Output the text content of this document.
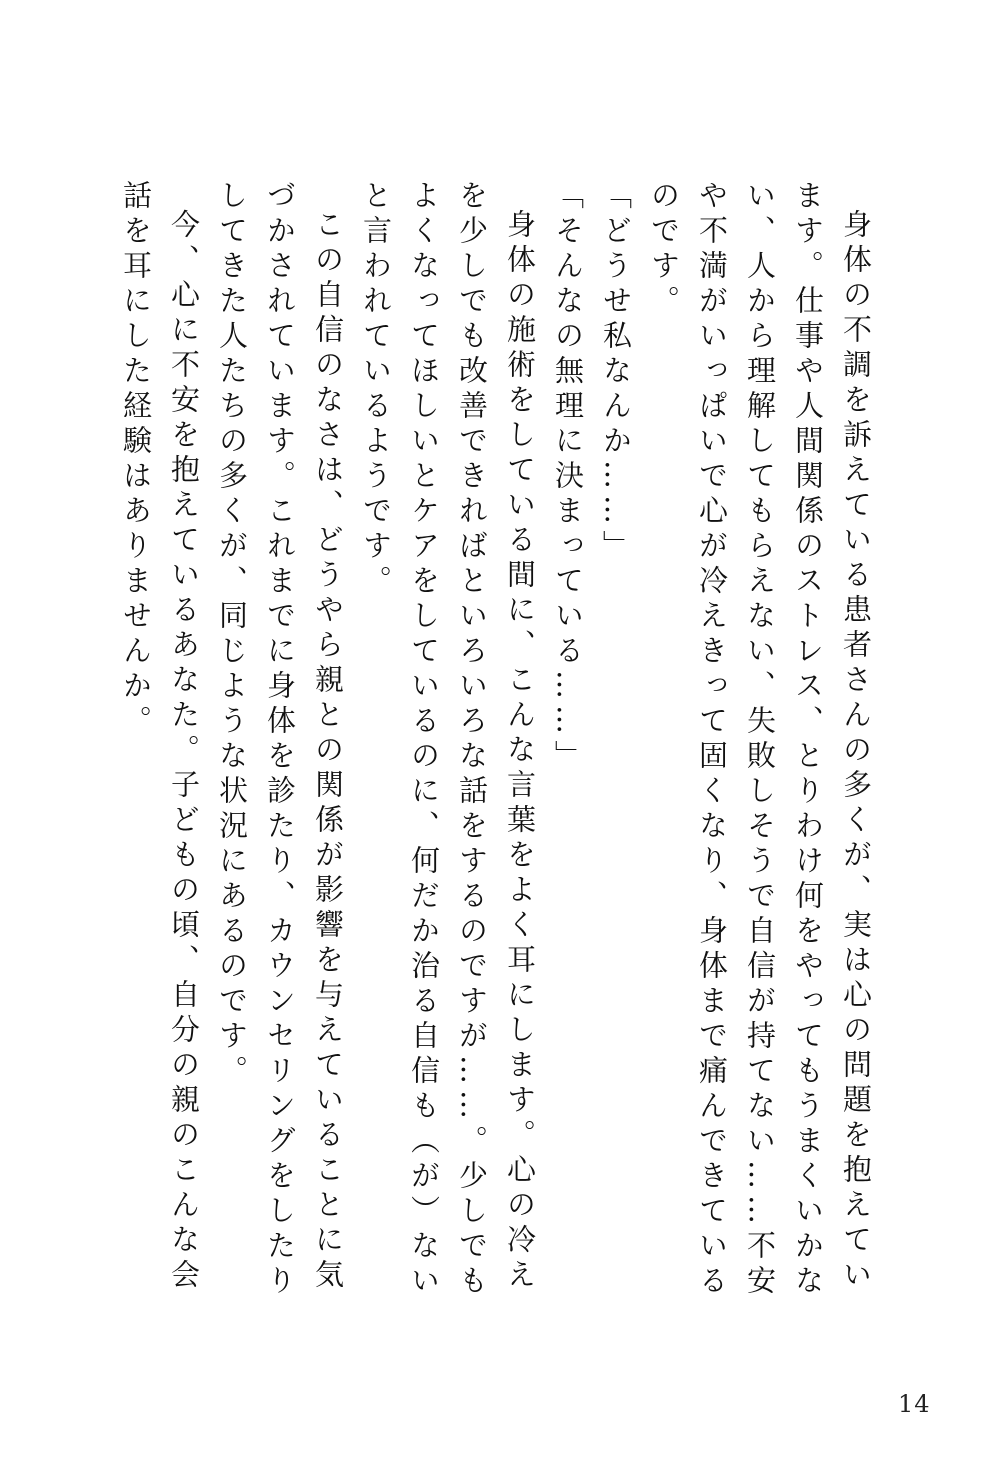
身体の不調を訴えている患者さんの多くが、実は心の問題を抱えています。仕事や人間関係のストレス、とりわけ何をやってもうまくいかない、人から理解してもらえない、失敗しそうで自信が持てない……不安や不満がいっぱいで心が冷えきって固くなり、身体まで痛んできているのです。

「どうせ私なんか……」

「そんなの無理に決まっている……」

身体の施術をしている間に、こんな言葉をよく耳にします。心の冷えを少しでも改善できればといろいろな話をするのですが……。少しでもよくなってほしいとケアをしているのに、何だか治る自信も（が）ないと言われているようです。

この自信のなさは、どうやら親との関係が影響を与えていることに気づかされています。これまでに身体を診たり、カウンセリングをしたりしてきた人たちの多くが、同じような状況にあるのです。

今、心に不安を抱えているあなた。子どもの頃、自分の親のこんな会話を耳にした経験はありませんか。

14
